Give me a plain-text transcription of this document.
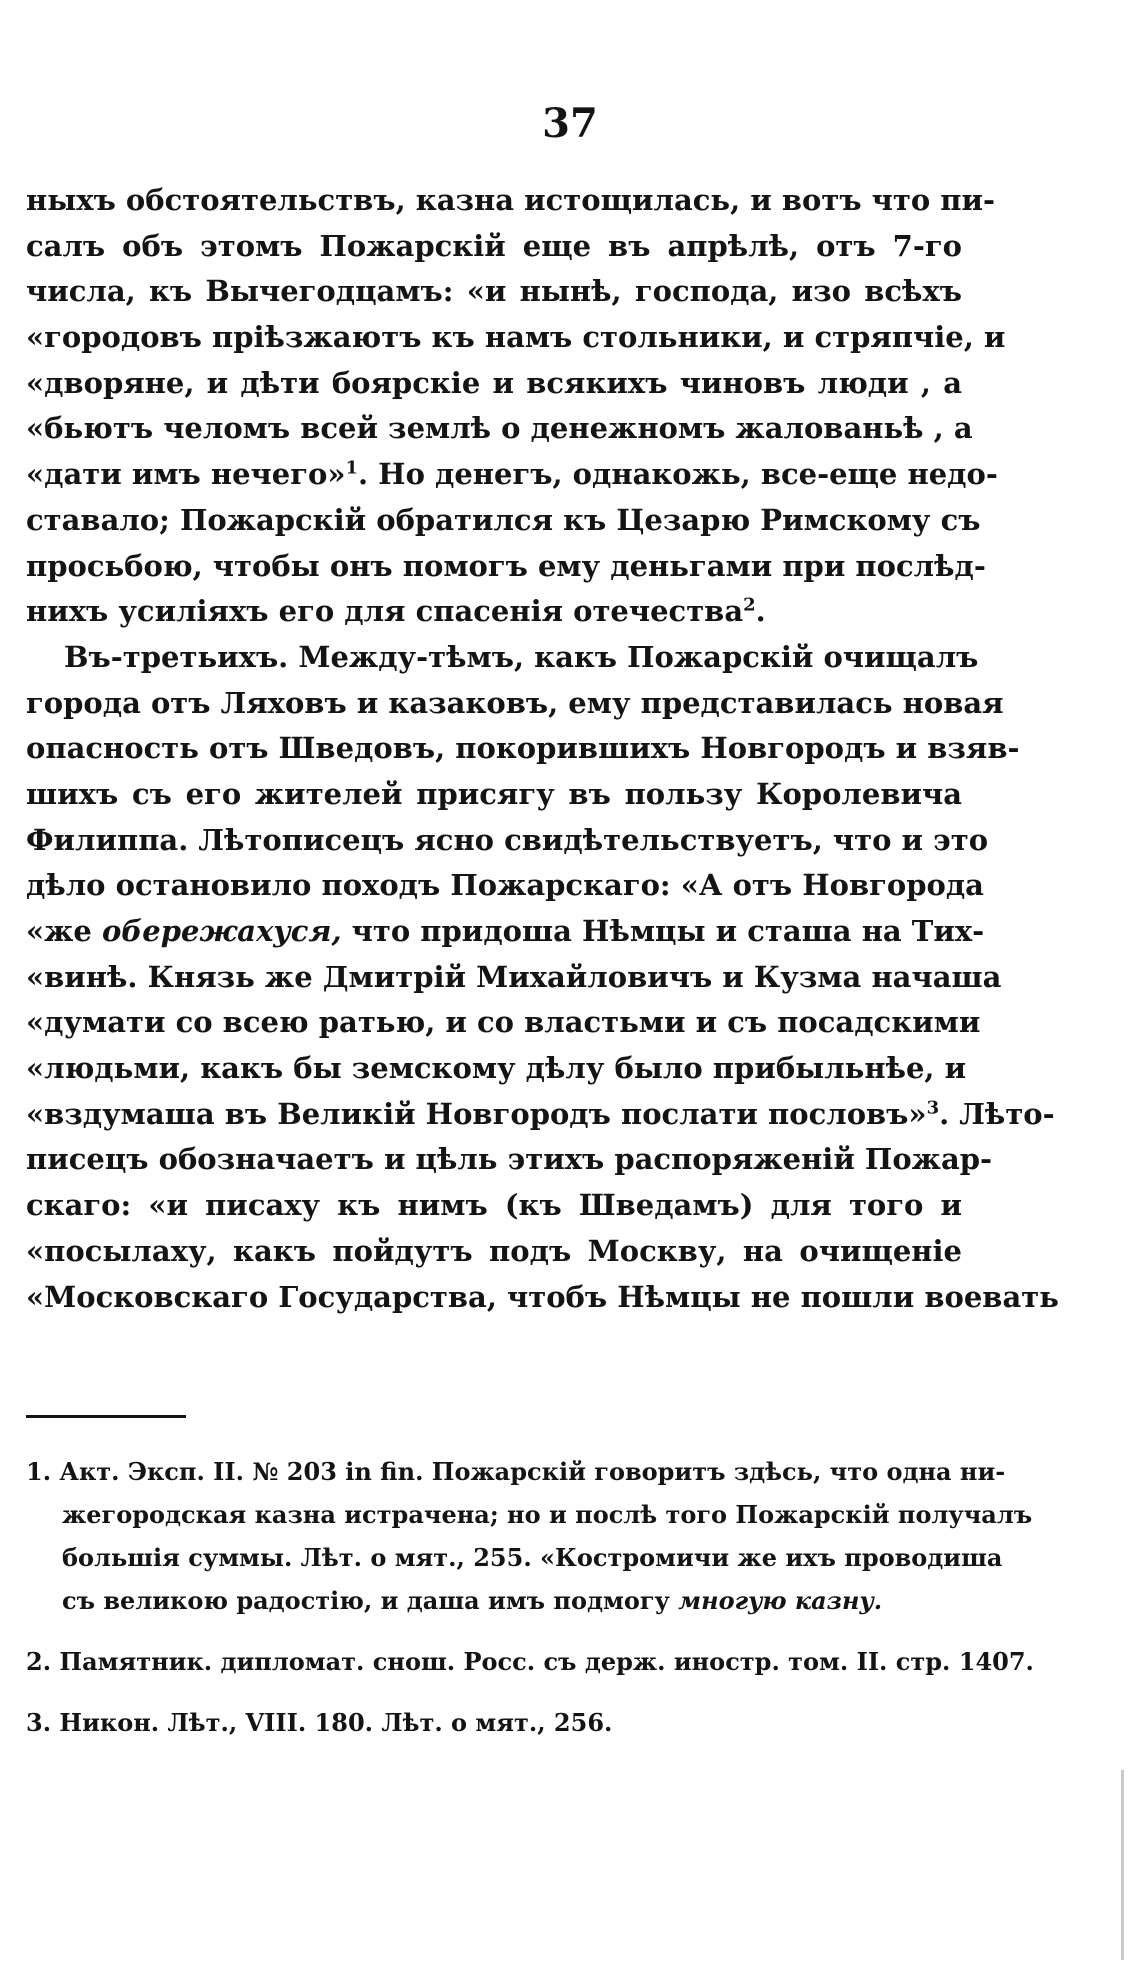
37
ныхъ обстоятельствъ, казна истощилась, и вотъ что пи-
салъ объ этомъ Пожарскій еще въ апрѣлѣ, отъ 7-го
числа, къ Вычегодцамъ: «и нынѣ, господа, изо всѣхъ
«городовъ пріѣзжаютъ къ намъ стольники, и стряпчіе, и
«дворяне, и дѣти боярскіе и всякихъ чиновъ люди , а
«бьютъ челомъ всей землѣ о денежномъ жалованьѣ , а
«дати имъ нечего»$^1$. Но денегъ, однакожь, все-еще недо-
ставало; Пожарскій обратился къ Цезарю Римскому съ
просьбою, чтобы онъ помогъ ему деньгами при послѣд-
нихъ усиліяхъ его для спасенія отечества$^2$.
Въ-третьихъ. Между-тѣмъ, какъ Пожарскій очищалъ
города отъ Ляховъ и казаковъ, ему представилась новая
опасность отъ Шведовъ, покорившихъ Новгородъ и взяв-
шихъ съ его жителей присягу въ пользу Королевича
Филиппа. Лѣтописецъ ясно свидѣтельствуетъ, что и это
дѣло остановило походъ Пожарскаго: «А отъ Новгорода
«же обережахуся, что придоша Нѣмцы и сташа на Тих-
«винѣ. Князь же Дмитрій Михайловичъ и Кузма начаша
«думати со всею ратью, и со властьми и съ посадскими
«людьми, какъ бы земскому дѣлу было прибыльнѣе, и
«вздумаша въ Великій Новгородъ послати пословъ»$^3$. Лѣто-
писецъ обозначаетъ и цѣль этихъ распоряженій Пожар-
скаго: «и писаху къ нимъ (къ Шведамъ) для того и
«посылаху, какъ пойдутъ подъ Москву, на очищеніе
«Московскаго Государства, чтобъ Нѣмцы не пошли воевать
1. Акт. Эксп. II. № 203 in fin. Пожарскій говоритъ здѣсь, что одна ни-
жегородская казна истрачена; но и послѣ того Пожарскій получалъ
большія суммы. Лѣт. о мят., 255. «Костромичи же ихъ проводиша
съ великою радостію, и даша имъ подмогу многую казну.
2. Памятник. дипломат. снош. Росс. съ держ. иностр. том. II. стр. 1407.
3. Никон. Лѣт., VIII. 180. Лѣт. о мят., 256.
